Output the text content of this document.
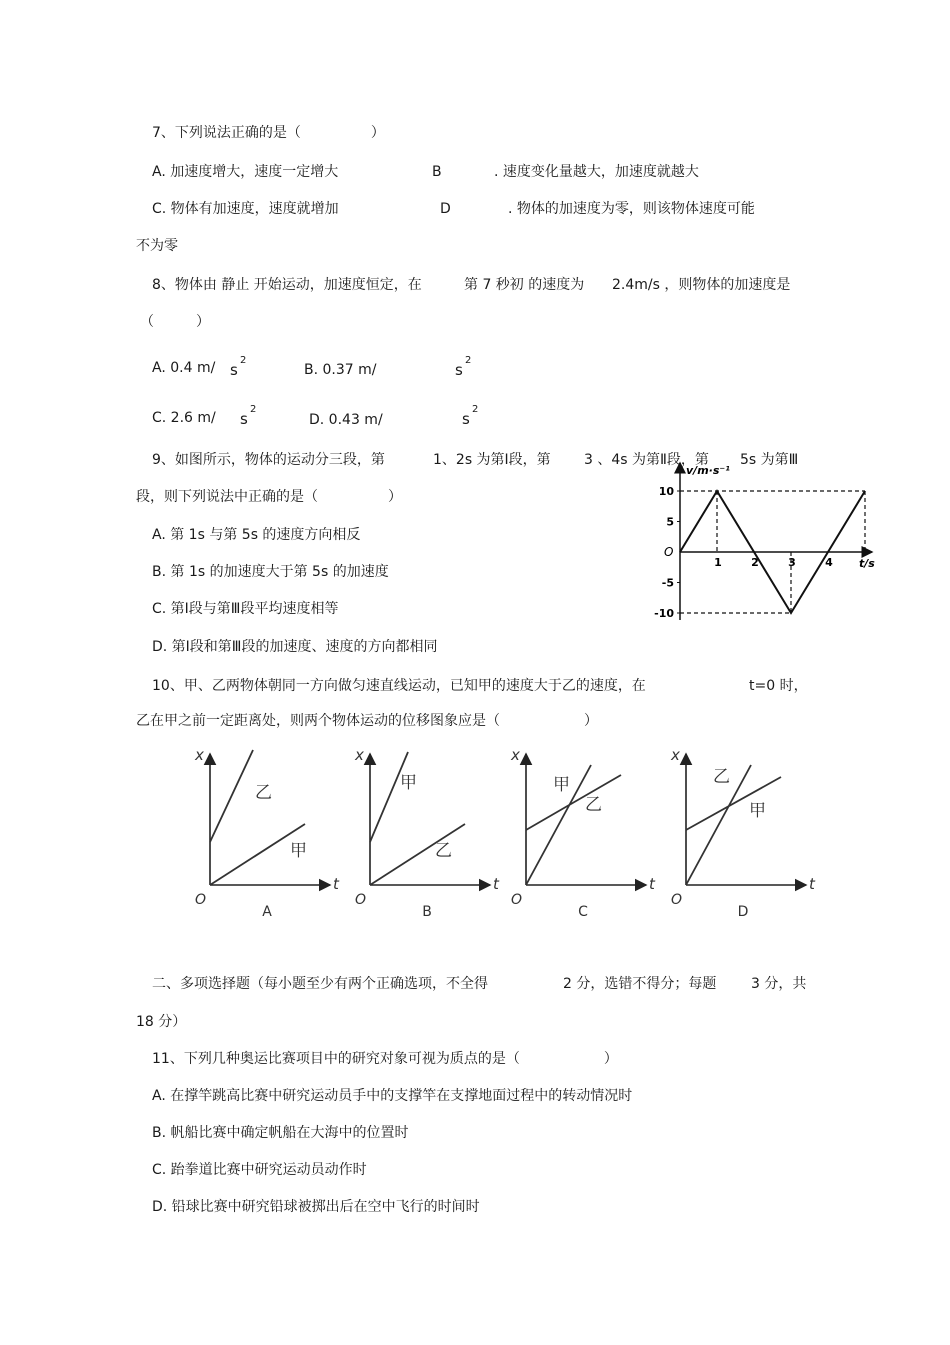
7、下列说法正确的是（　　　　　）
A. 加速度增大，速度一定增大	B	. 速度变化量越大，加速度就越大
C. 物体有加速度，速度就增加	D	. 物体的加速度为零，则该物体速度可能
不为零
8、物体由 静止 开始运动，加速度恒定，在	第 7 秒初 的速度为 2.4m/s ，则物体的加速度是
（　　　）
A. 0.4 m/ s
2
B. 0.37 m/	s
2
C. 2.6 m/ s
2
D. 0.43 m/	s
2
9、如图所示，物体的运动分三段，第	1、2s 为第Ⅰ段，第 3 、4s 为第Ⅱ段，第 5s 为第Ⅲ
段，则下列说法中正确的是（　　　　　）
A. 第 1s 与第 5s 的速度方向相反
B. 第 1s 的加速度大于第 5s 的加速度
C. 第Ⅰ段与第Ⅲ段平均速度相等
D. 第Ⅰ段和第Ⅲ段的加速度、速度的方向都相同
v/m·s⁻¹
t/s
O
10
5
-5
-10
1	2	3	4
10、甲、乙两物体朝同一方向做匀速直线运动，已知甲的速度大于乙的速度，在	t=0 时，
乙在甲之前一定距离处，则两个物体运动的位移图象应是（　　　　　　）
x
t
O
A
乙
甲
x
t
O
B
甲
乙
x
t
O
C
甲
乙
x
t
O
D
乙
甲
二、多项选择题（每小题至少有两个正确选项，不全得	2 分，选错不得分；每题 3 分，共
18 分）
11、下列几种奥运比赛项目中的研究对象可视为质点的是（　　　　　　）
A. 在撑竿跳高比赛中研究运动员手中的支撑竿在支撑地面过程中的转动情况时
B. 帆船比赛中确定帆船在大海中的位置时
C. 跆拳道比赛中研究运动员动作时
D. 铅球比赛中研究铅球被掷出后在空中飞行的时间时
